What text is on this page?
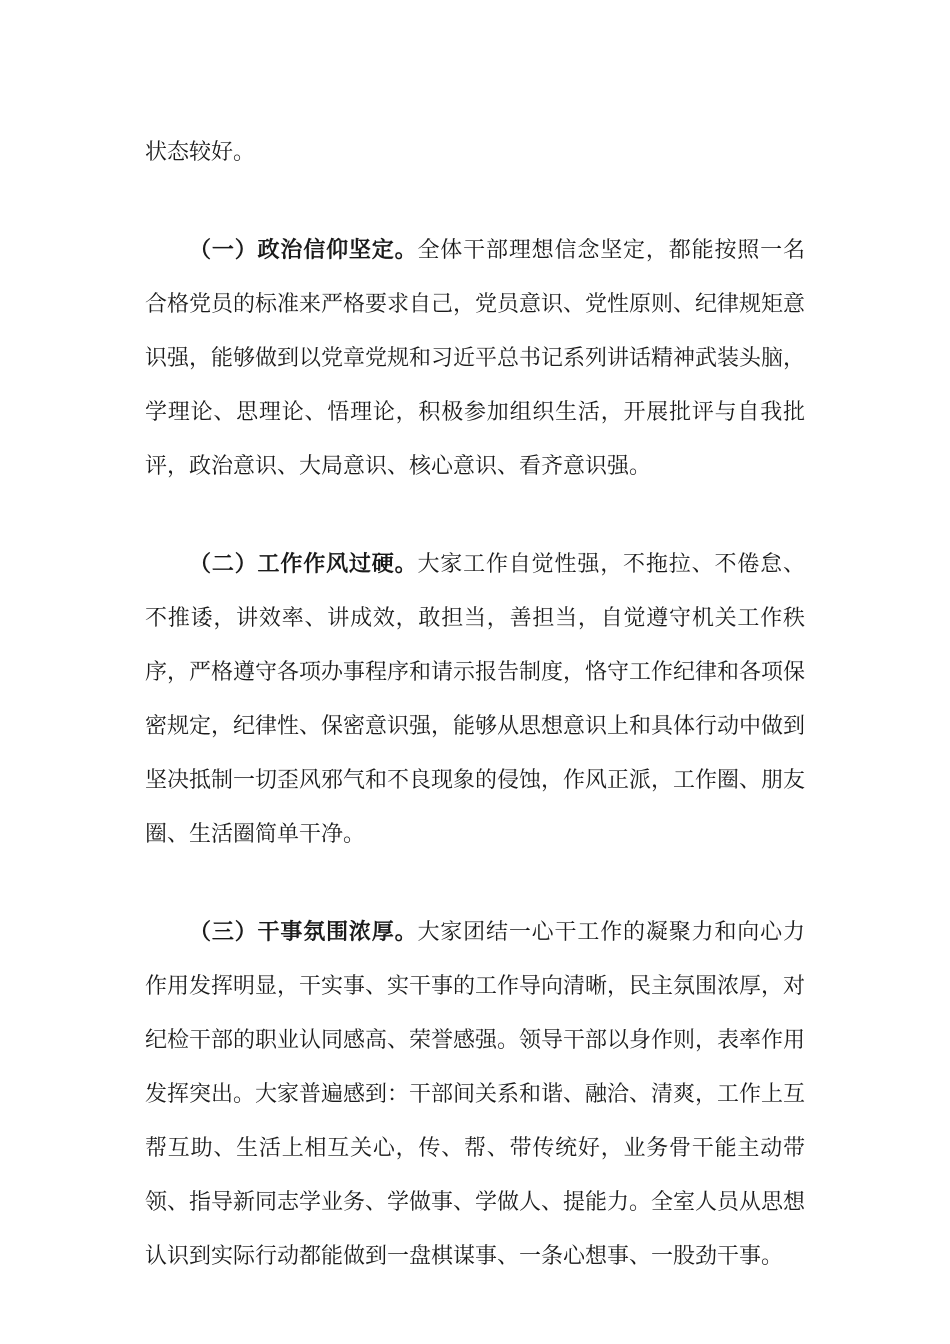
状态较好。

（一）政治信仰坚定。全体干部理想信念坚定，都能按照一名合格党员的标准来严格要求自己，党员意识、党性原则、纪律规矩意识强，能够做到以党章党规和习近平总书记系列讲话精神武装头脑，学理论、思理论、悟理论，积极参加组织生活，开展批评与自我批评，政治意识、大局意识、核心意识、看齐意识强。

（二）工作作风过硬。大家工作自觉性强，不拖拉、不倦怠、不推诿，讲效率、讲成效，敢担当，善担当，自觉遵守机关工作秩序，严格遵守各项办事程序和请示报告制度，恪守工作纪律和各项保密规定，纪律性、保密意识强，能够从思想意识上和具体行动中做到坚决抵制一切歪风邪气和不良现象的侵蚀，作风正派，工作圈、朋友圈、生活圈简单干净。

（三）干事氛围浓厚。大家团结一心干工作的凝聚力和向心力作用发挥明显，干实事、实干事的工作导向清晰，民主氛围浓厚，对纪检干部的职业认同感高、荣誉感强。领导干部以身作则，表率作用发挥突出。大家普遍感到：干部间关系和谐、融洽、清爽，工作上互帮互助、生活上相互关心，传、帮、带传统好，业务骨干能主动带领、指导新同志学业务、学做事、学做人、提能力。全室人员从思想认识到实际行动都能做到一盘棋谋事、一条心想事、一股劲干事。
